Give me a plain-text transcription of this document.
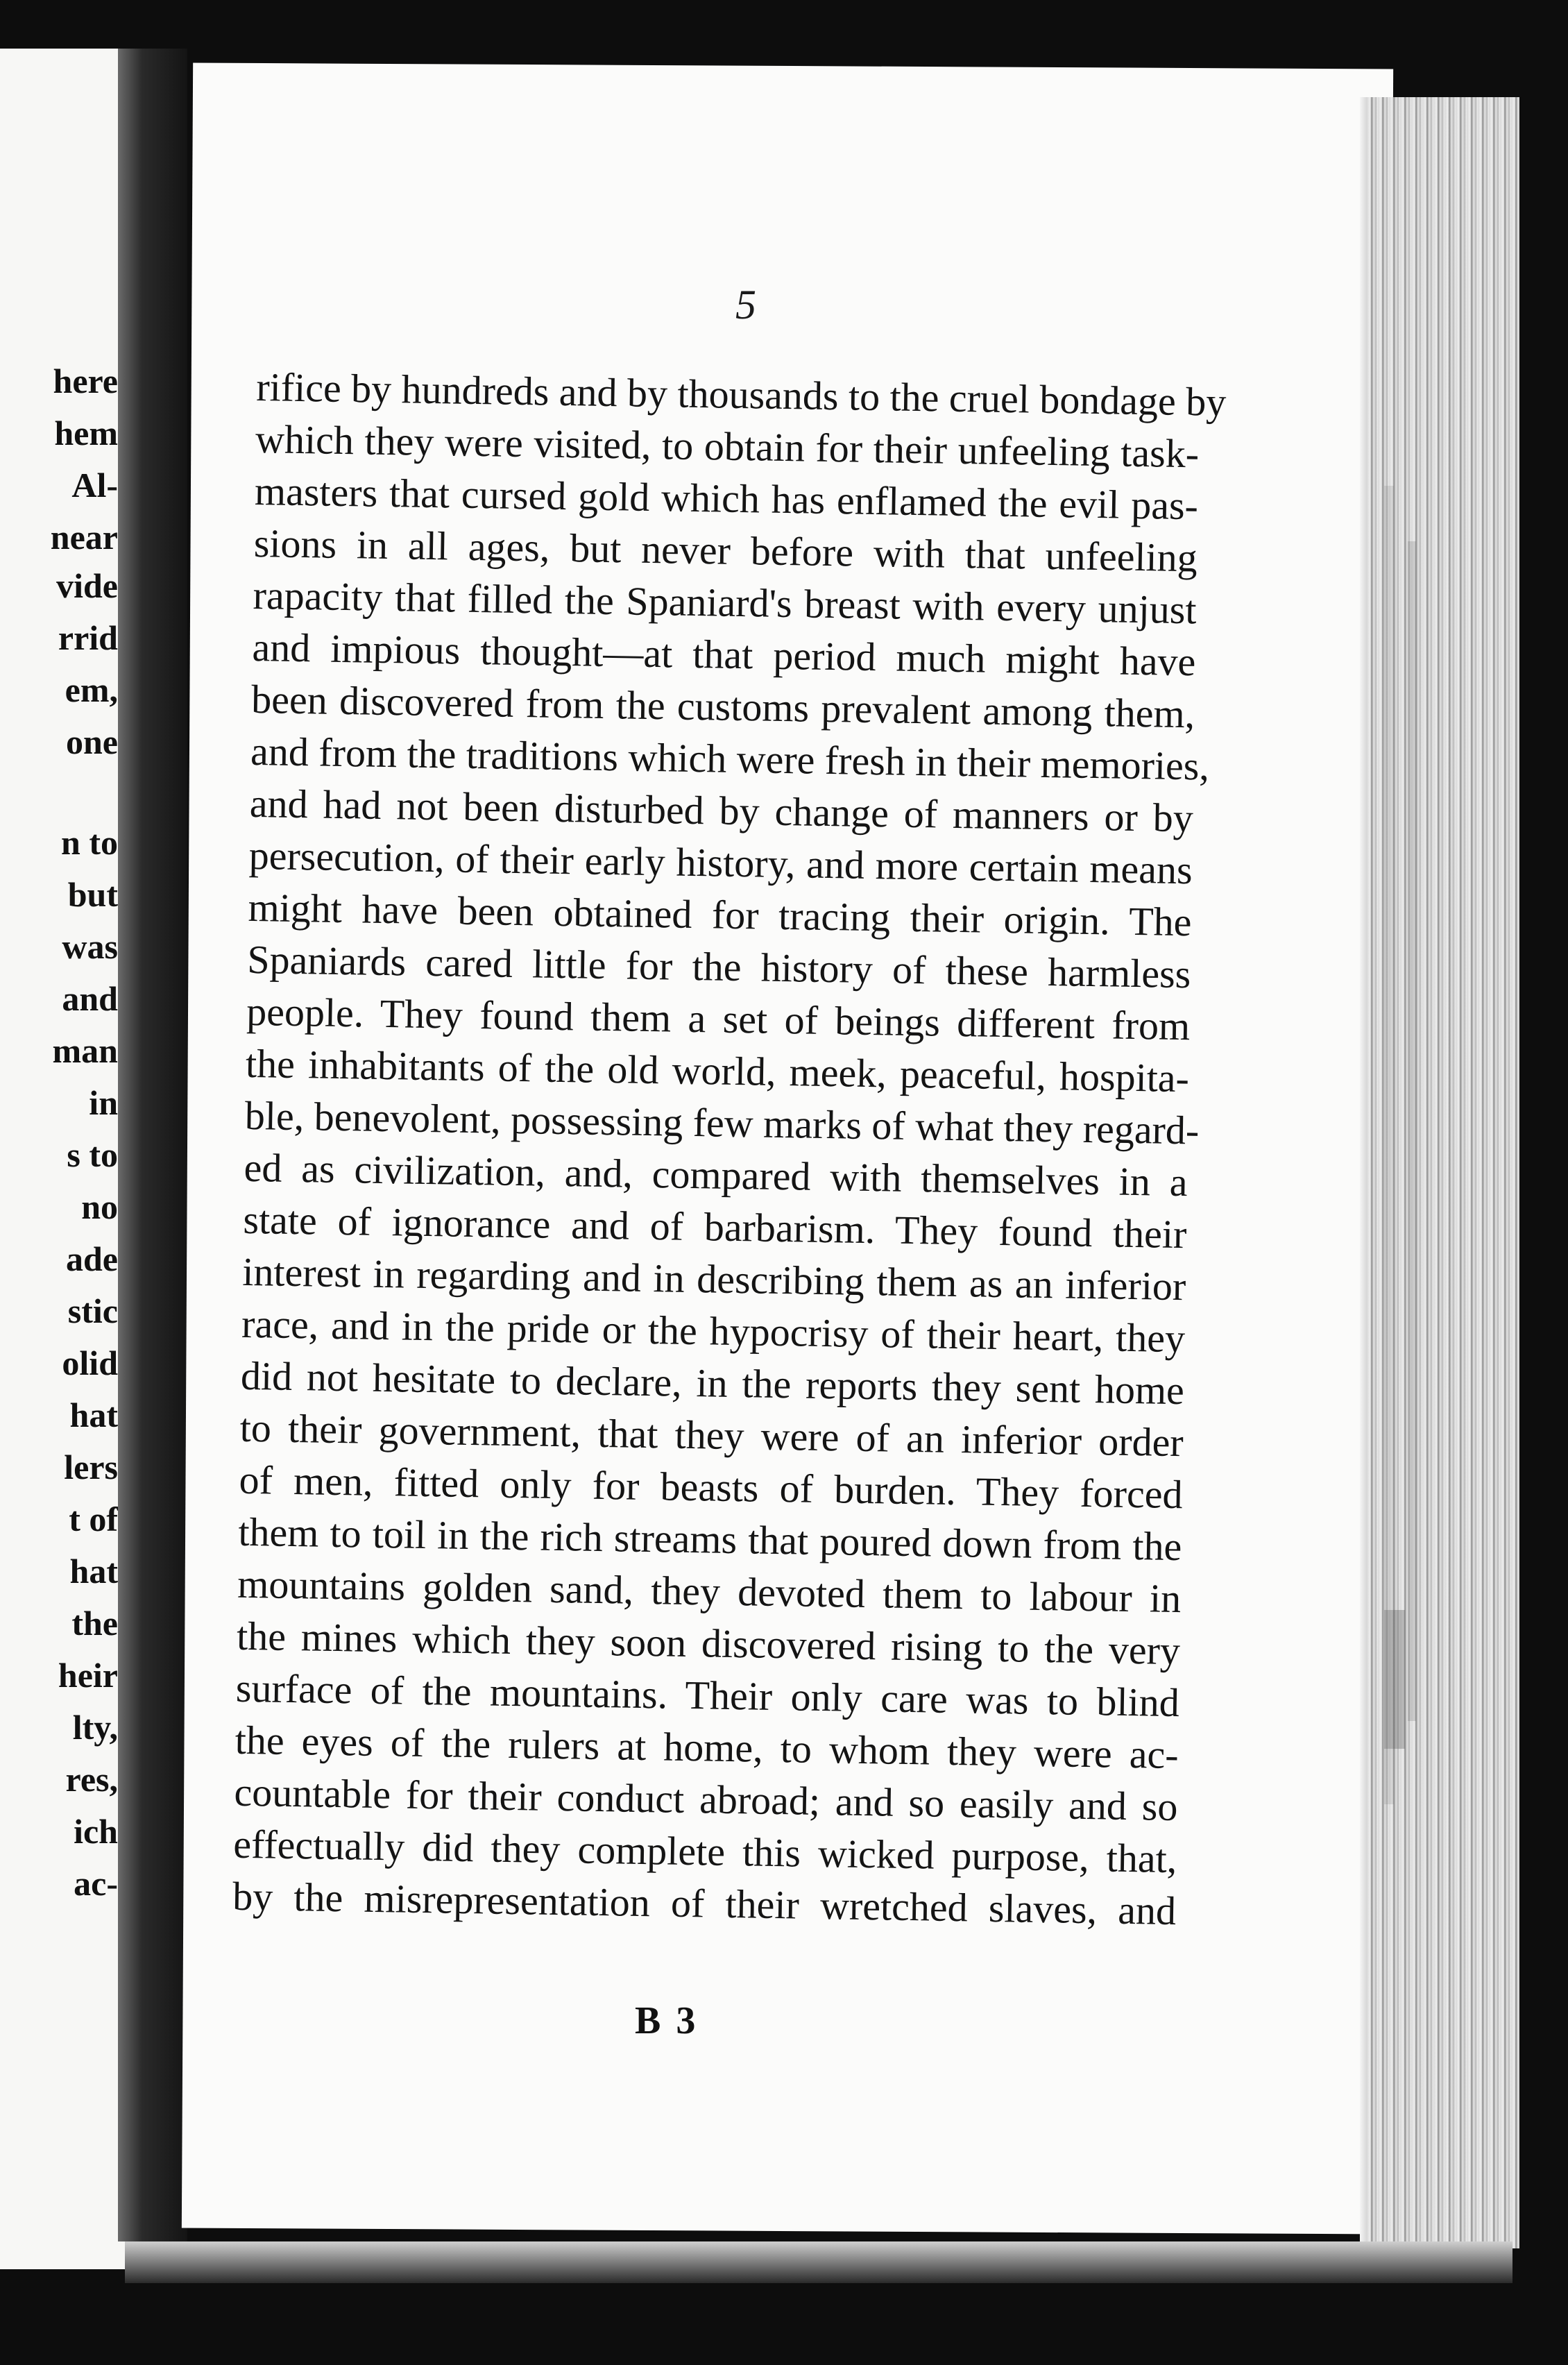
here
hem
Al-
near
vide
rrid
em,
one
n to
but
was
and
man
in
s to
no
ade
stic
olid
hat
lers
t of
hat
the
heir
lty,
res,
ich
ac-
5
rifice by hundreds and by thousands to the cruel bondage by
which they were visited, to obtain for their unfeeling task-
masters that cursed gold which has enflamed the evil pas-
sions in all ages, but never before with that unfeeling
rapacity that filled the Spaniard's breast with every unjust
and impious thought—at that period much might have
been discovered from the customs prevalent among them,
and from the traditions which were fresh in their memories,
and had not been disturbed by change of manners or by
persecution, of their early history, and more certain means
might have been obtained for tracing their origin. The
Spaniards cared little for the history of these harmless
people. They found them a set of beings different from
the inhabitants of the old world, meek, peaceful, hospita-
ble, benevolent, possessing few marks of what they regard-
ed as civilization, and, compared with themselves in a
state of ignorance and of barbarism. They found their
interest in regarding and in describing them as an inferior
race, and in the pride or the hypocrisy of their heart, they
did not hesitate to declare, in the reports they sent home
to their government, that they were of an inferior order
of men, fitted only for beasts of burden. They forced
them to toil in the rich streams that poured down from the
mountains golden sand, they devoted them to labour in
the mines which they soon discovered rising to the very
surface of the mountains. Their only care was to blind
the eyes of the rulers at home, to whom they were ac-
countable for their conduct abroad; and so easily and so
effectually did they complete this wicked purpose, that,
by the misrepresentation of their wretched slaves, and
B 3
